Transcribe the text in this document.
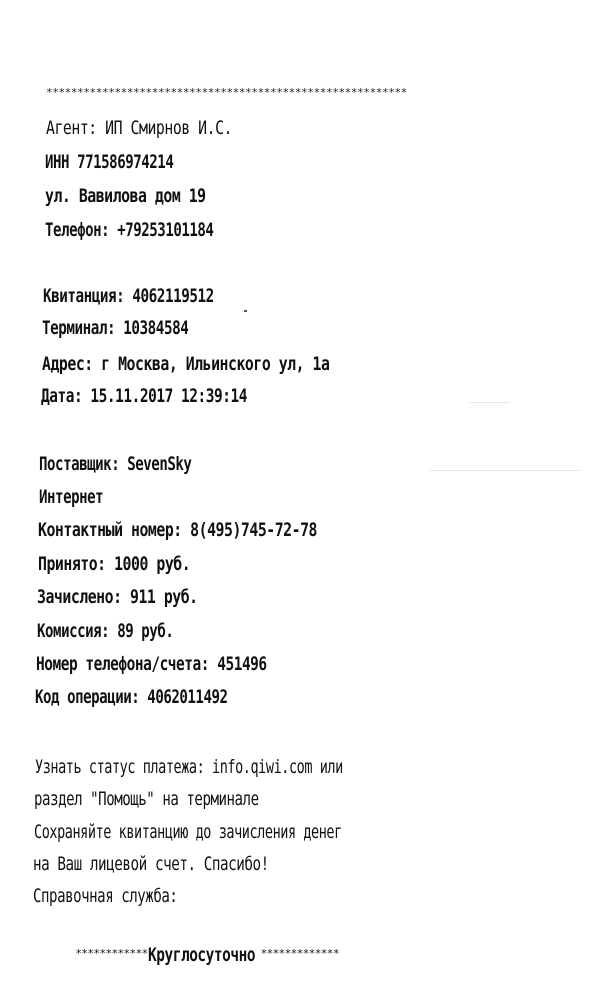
**********************************************************
Агент: ИП Смирнов И.С.
ИНН 771586974214
ул. Вавилова дом 19
Телефон: +79253101184
Квитанция: 4062119512
Терминал: 10384584
Адрес: г Москва, Ильинского ул, 1а
Дата: 15.11.2017 12:39:14
Поставщик: SevenSky
Интернет
Контактный номер: 8(495)745-72-78
Принято: 1000 руб.
Зачислено: 911 руб.
Комиссия: 89 руб.
Номер телефона/счета: 451496
Код операции: 4062011492
Узнать статус платежа: info.qiwi.com или
раздел "Помощь" на терминале
Сохраняйте квитанцию до зачисления денег
на Ваш лицевой счет. Спасибо!
Справочная служба:

************Круглосуточно *************
